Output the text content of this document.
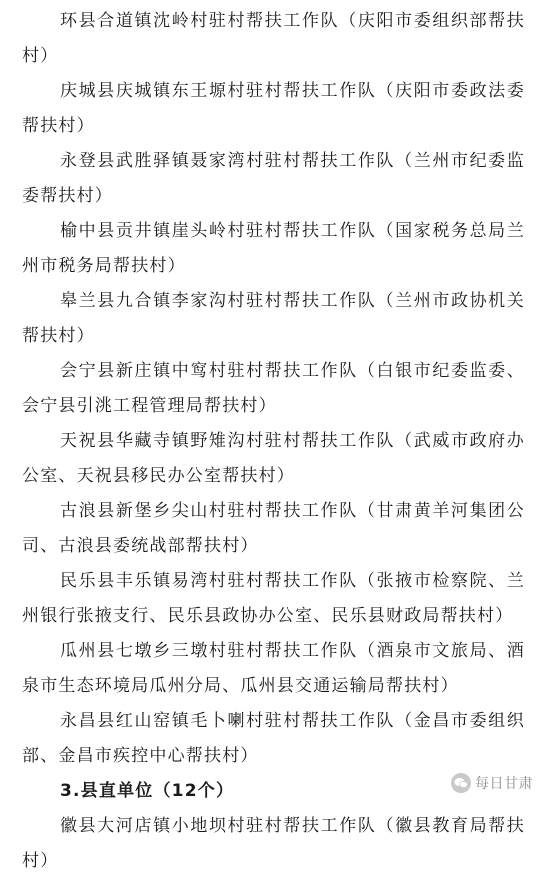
环县合道镇沈岭村驻村帮扶工作队（庆阳市委组织部帮扶村）

庆城县庆城镇东王塬村驻村帮扶工作队（庆阳市委政法委帮扶村）

永登县武胜驿镇聂家湾村驻村帮扶工作队（兰州市纪委监委帮扶村）

榆中县贡井镇崖头岭村驻村帮扶工作队（国家税务总局兰州市税务局帮扶村）

皋兰县九合镇李家沟村驻村帮扶工作队（兰州市政协机关帮扶村）

会宁县新庄镇中窎村驻村帮扶工作队（白银市纪委监委、会宁县引洮工程管理局帮扶村）

天祝县华藏寺镇野雉沟村驻村帮扶工作队（武威市政府办公室、天祝县移民办公室帮扶村）

古浪县新堡乡尖山村驻村帮扶工作队（甘肃黄羊河集团公司、古浪县委统战部帮扶村）

民乐县丰乐镇易湾村驻村帮扶工作队（张掖市检察院、兰州银行张掖支行、民乐县政协办公室、民乐县财政局帮扶村）

瓜州县七墩乡三墩村驻村帮扶工作队（酒泉市文旅局、酒泉市生态环境局瓜州分局、瓜州县交通运输局帮扶村）

永昌县红山窑镇毛卜喇村驻村帮扶工作队（金昌市委组织部、金昌市疾控中心帮扶村）

3.县直单位（12个）

徽县大河店镇小地坝村驻村帮扶工作队（徽县教育局帮扶村）

每日甘肃
